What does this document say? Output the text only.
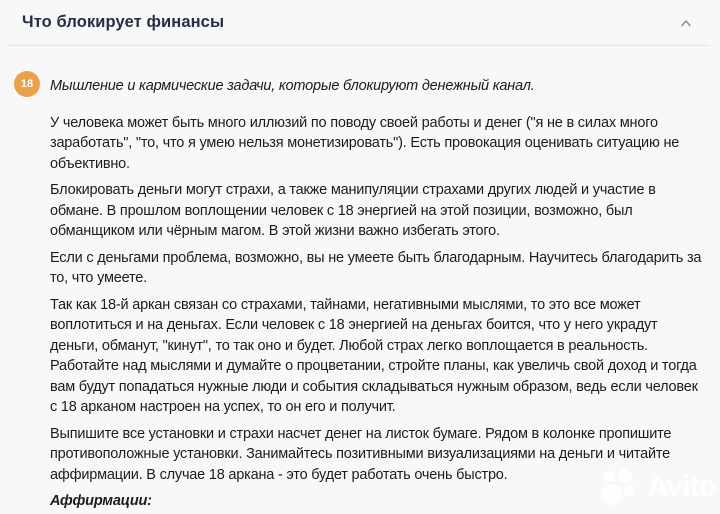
Что блокирует финансы
18	Мышление и кармические задачи, которые блокируют денежный канал.

У человека может быть много иллюзий по поводу своей работы и денег ("я не в силах много заработать", "то, что я умею нельзя монетизировать"). Есть провокация оценивать ситуацию не объективно.

Блокировать деньги могут страхи, а также манипуляции страхами других людей и участие в обмане. В прошлом воплощении человек с 18 энергией на этой позиции, возможно, был обманщиком или чёрным магом. В этой жизни важно избегать этого.

Если с деньгами проблема, возможно, вы не умеете быть благодарным. Научитесь благодарить за то, что умеете.

Так как 18-й аркан связан со страхами, тайнами, негативными мыслями, то это все может воплотиться и на деньгах. Если человек с 18 энергией на деньгах боится, что у него украдут деньги, обманут, "кинут", то так оно и будет. Любой страх легко воплощается в реальность. Работайте над мыслями и думайте о процветании, стройте планы, как увеличь свой доход и тогда вам будут попадаться нужные люди и события складываться нужным образом, ведь если человек с 18 арканом настроен на успех, то он его и получит.

Выпишите все установки и страхи насчет денег на листок бумаге. Рядом в колонке пропишите противоположные установки. Занимайтесь позитивными визуализациями на деньги и читайте аффирмации. В случае 18 аркана - это будет работать очень быстро.

Аффирмации:	Avito
